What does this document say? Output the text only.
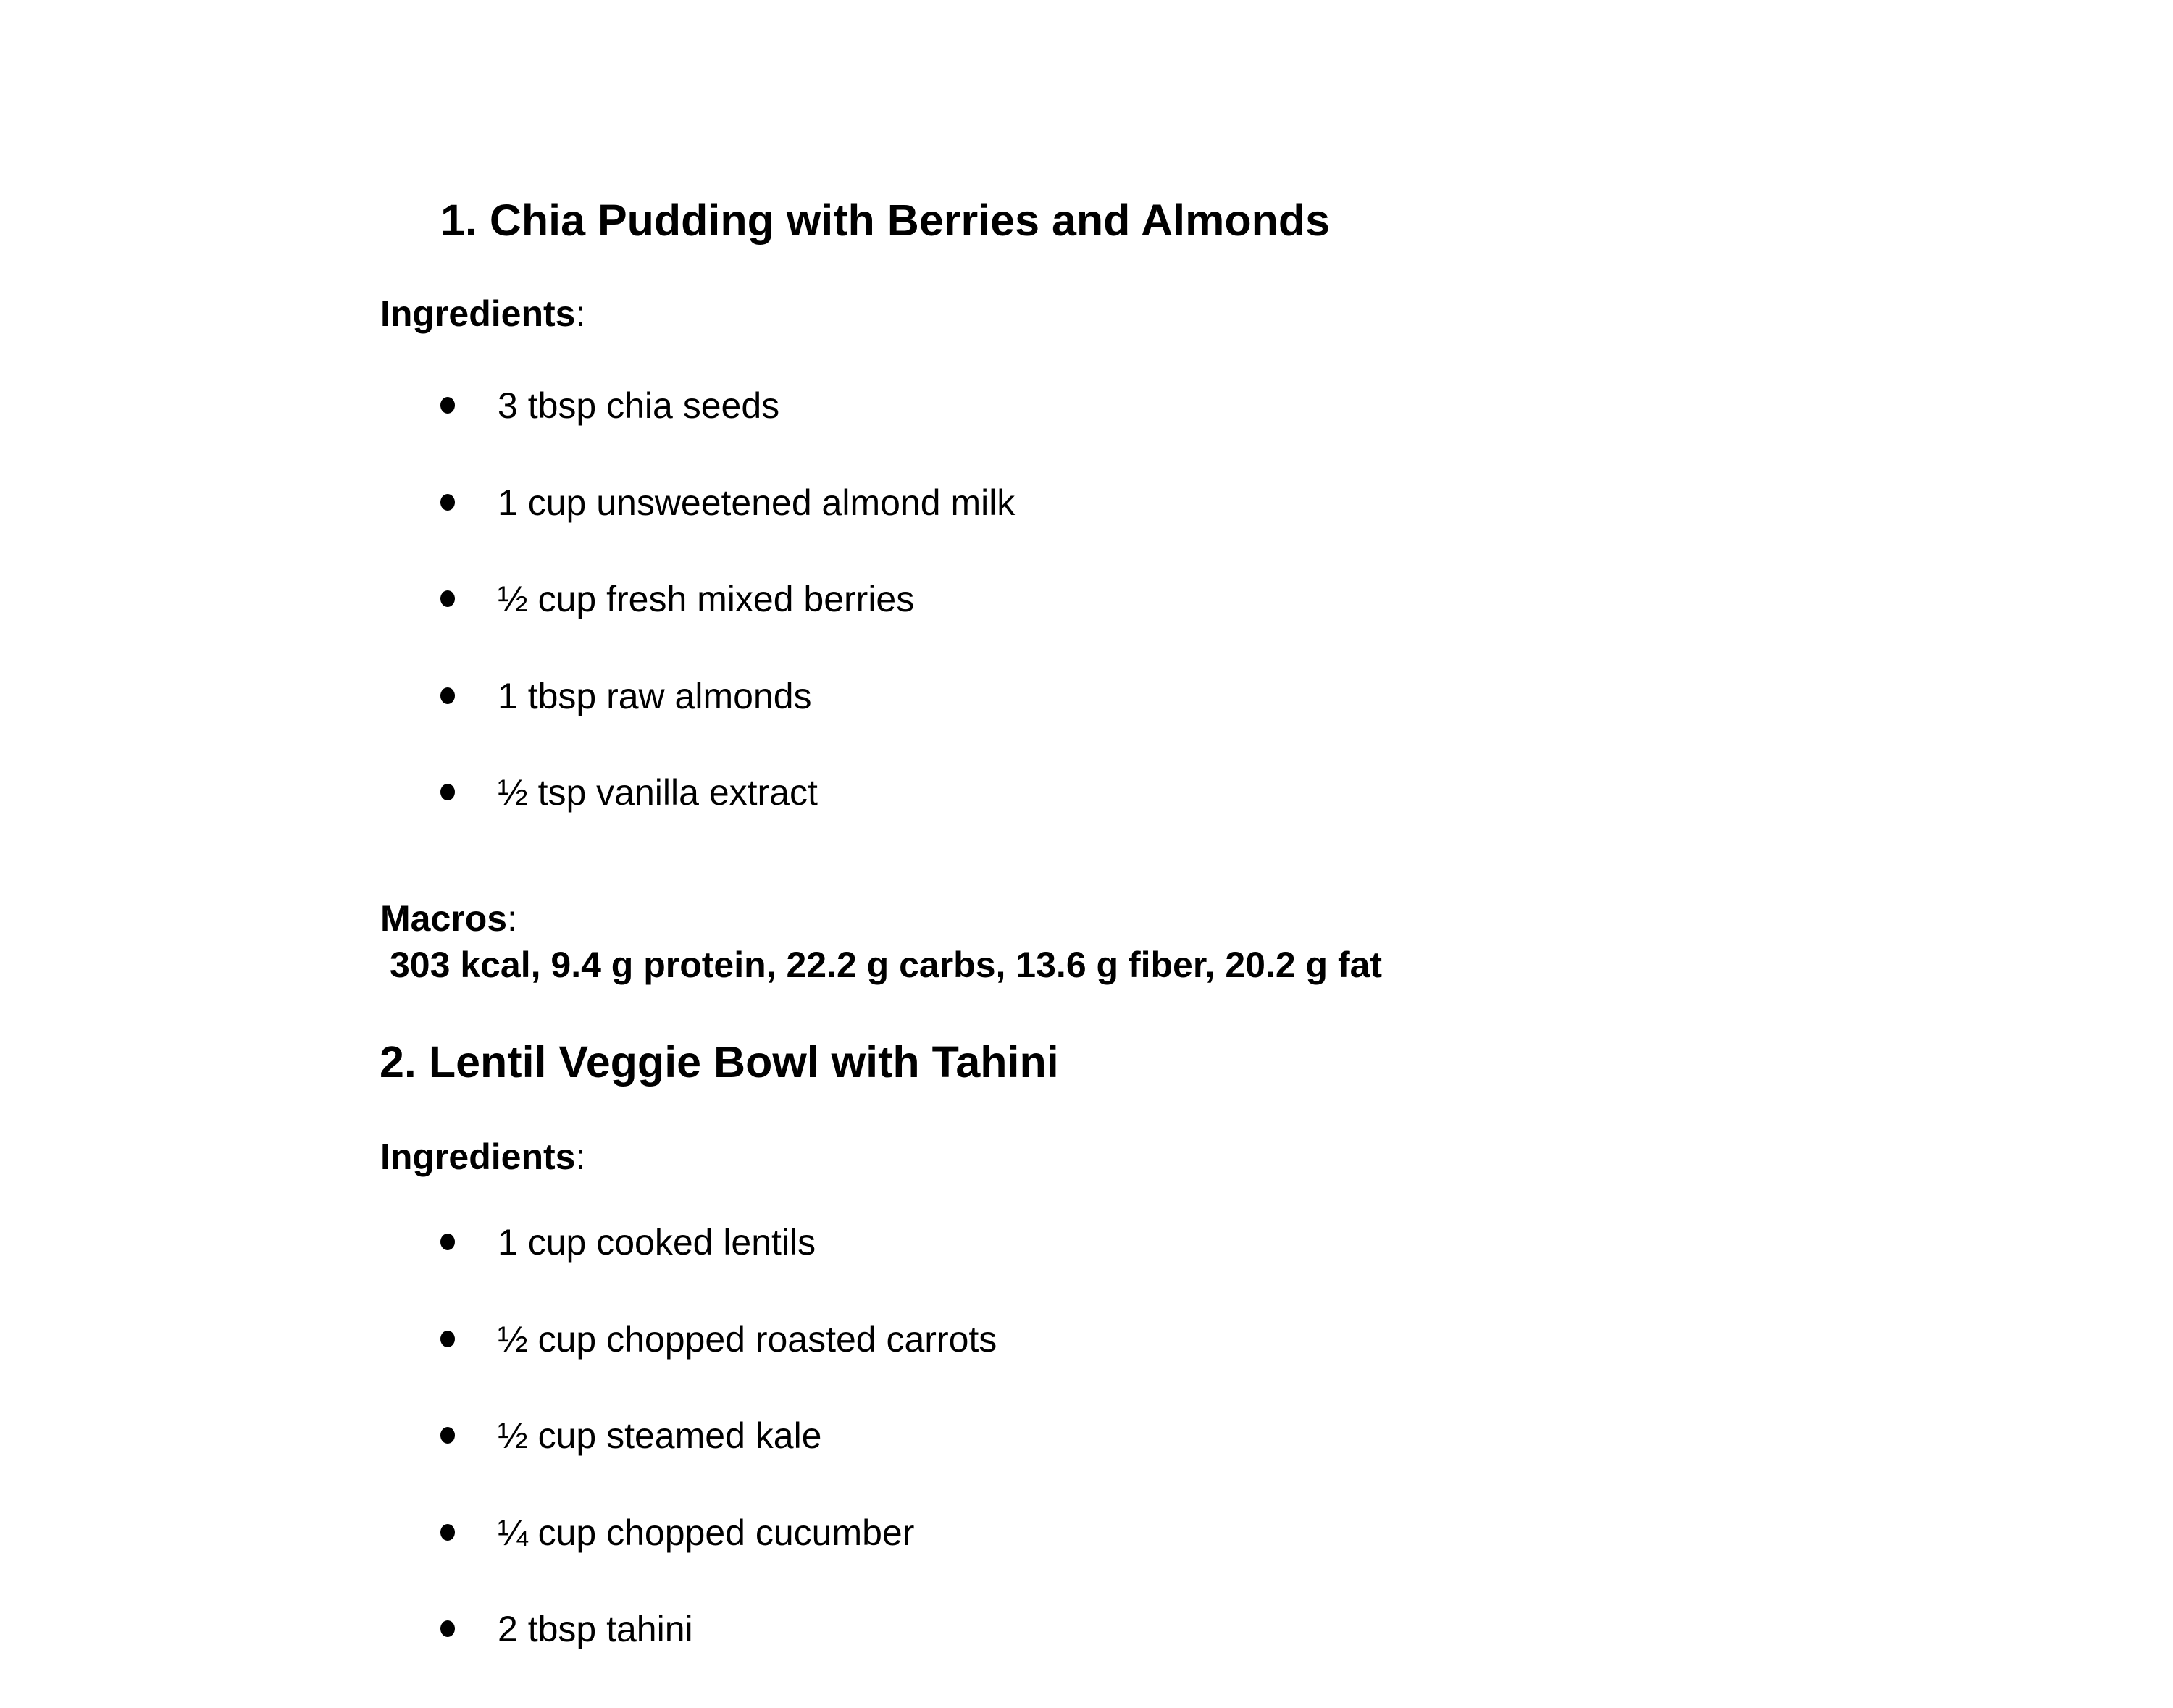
1. Chia Pudding with Berries and Almonds
Ingredients:
3 tbsp chia seeds
1 cup unsweetened almond milk
½ cup fresh mixed berries
1 tbsp raw almonds
½ tsp vanilla extract
Macros:
303 kcal, 9.4 g protein, 22.2 g carbs, 13.6 g fiber, 20.2 g fat
2. Lentil Veggie Bowl with Tahini
Ingredients:
1 cup cooked lentils
½ cup chopped roasted carrots
½ cup steamed kale
¼ cup chopped cucumber
2 tbsp tahini
